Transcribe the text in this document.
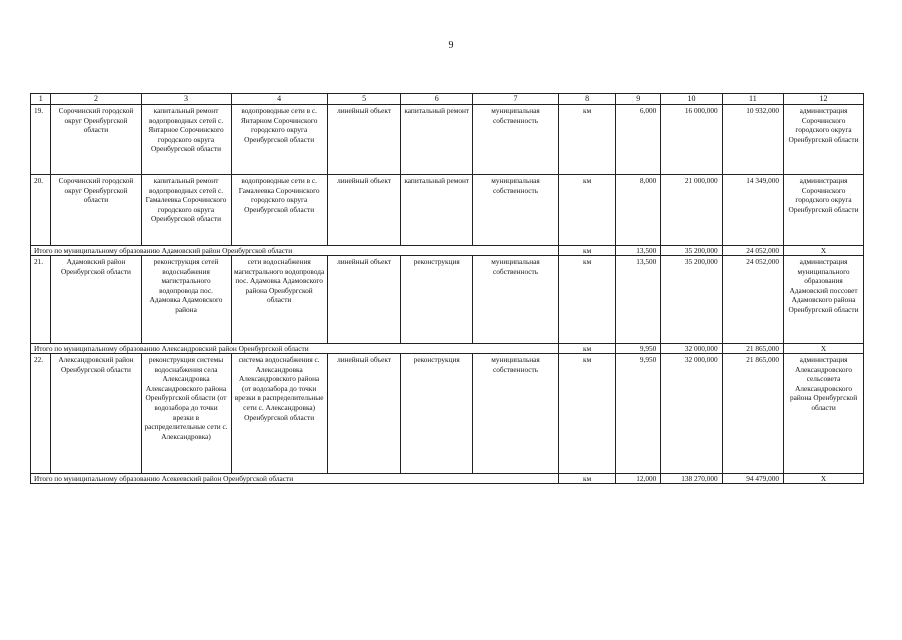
9
1	2	3	4	5	6	7	8	9	10	11	12
19.	Сорочинский городской округ Оренбургской области	капитальный ремонт водопроводных сетей с. Янтарное Сорочинского городского округа Оренбургской области	водопроводные сети в с. Янтарном Сорочинского городского округа Оренбургской области	линейный объект	капитальный ремонт	муниципальная собственность	км	6,000	16 000,000	10 932,000	администрация Сорочинского городского округа Оренбургской области
20.	Сорочинский городской округ Оренбургской области	капитальный ремонт водопроводных сетей с. Гамалеевка Сорочинского городского округа Оренбургской области	водопроводные сети в с. Гамалеевка Сорочинского городского округа Оренбургской области	линейный объект	капитальный ремонт	муниципальная собственность	км	8,000	21 000,000	14 349,000	администрация Сорочинского городского округа Оренбургской области
Итого по муниципальному образованию Адамовский район Оренбургской области							км	13,500	35 200,000	24 052,000	Х
21.	Адамовский район Оренбургской области	реконструкция сетей водоснабжения магистрального водопровода пос. Адамовка Адамовского района	сети водоснабжения магистрального водопровода пос. Адамовка Адамовского района Оренбургской области	линейный объект	реконструкция	муниципальная собственность	км	13,500	35 200,000	24 052,000	администрация муниципального образования Адамовский поссовет Адамовского района Оренбургской области
Итого по муниципальному образованию Александровский район Оренбургской области							км	9,950	32 000,000	21 865,000	Х
22.	Александровский район Оренбургской области	реконструкция системы водоснабжения села Александровка Александровского района Оренбургской области (от водозабора до точки врезки в распределительные сети с. Александровка)	система водоснабжения с. Александровка Александровского района (от водозабора до точки врезки в распределительные сети с. Александровка) Оренбургской области	линейный объект	реконструкция	муниципальная собственность	км	9,950	32 000,000	21 865,000	администрация Александровского сельсовета Александровского района Оренбургской области
Итого по муниципальному образованию Асекеевский район Оренбургской области							км	12,000	138 270,000	94 479,000	Х
